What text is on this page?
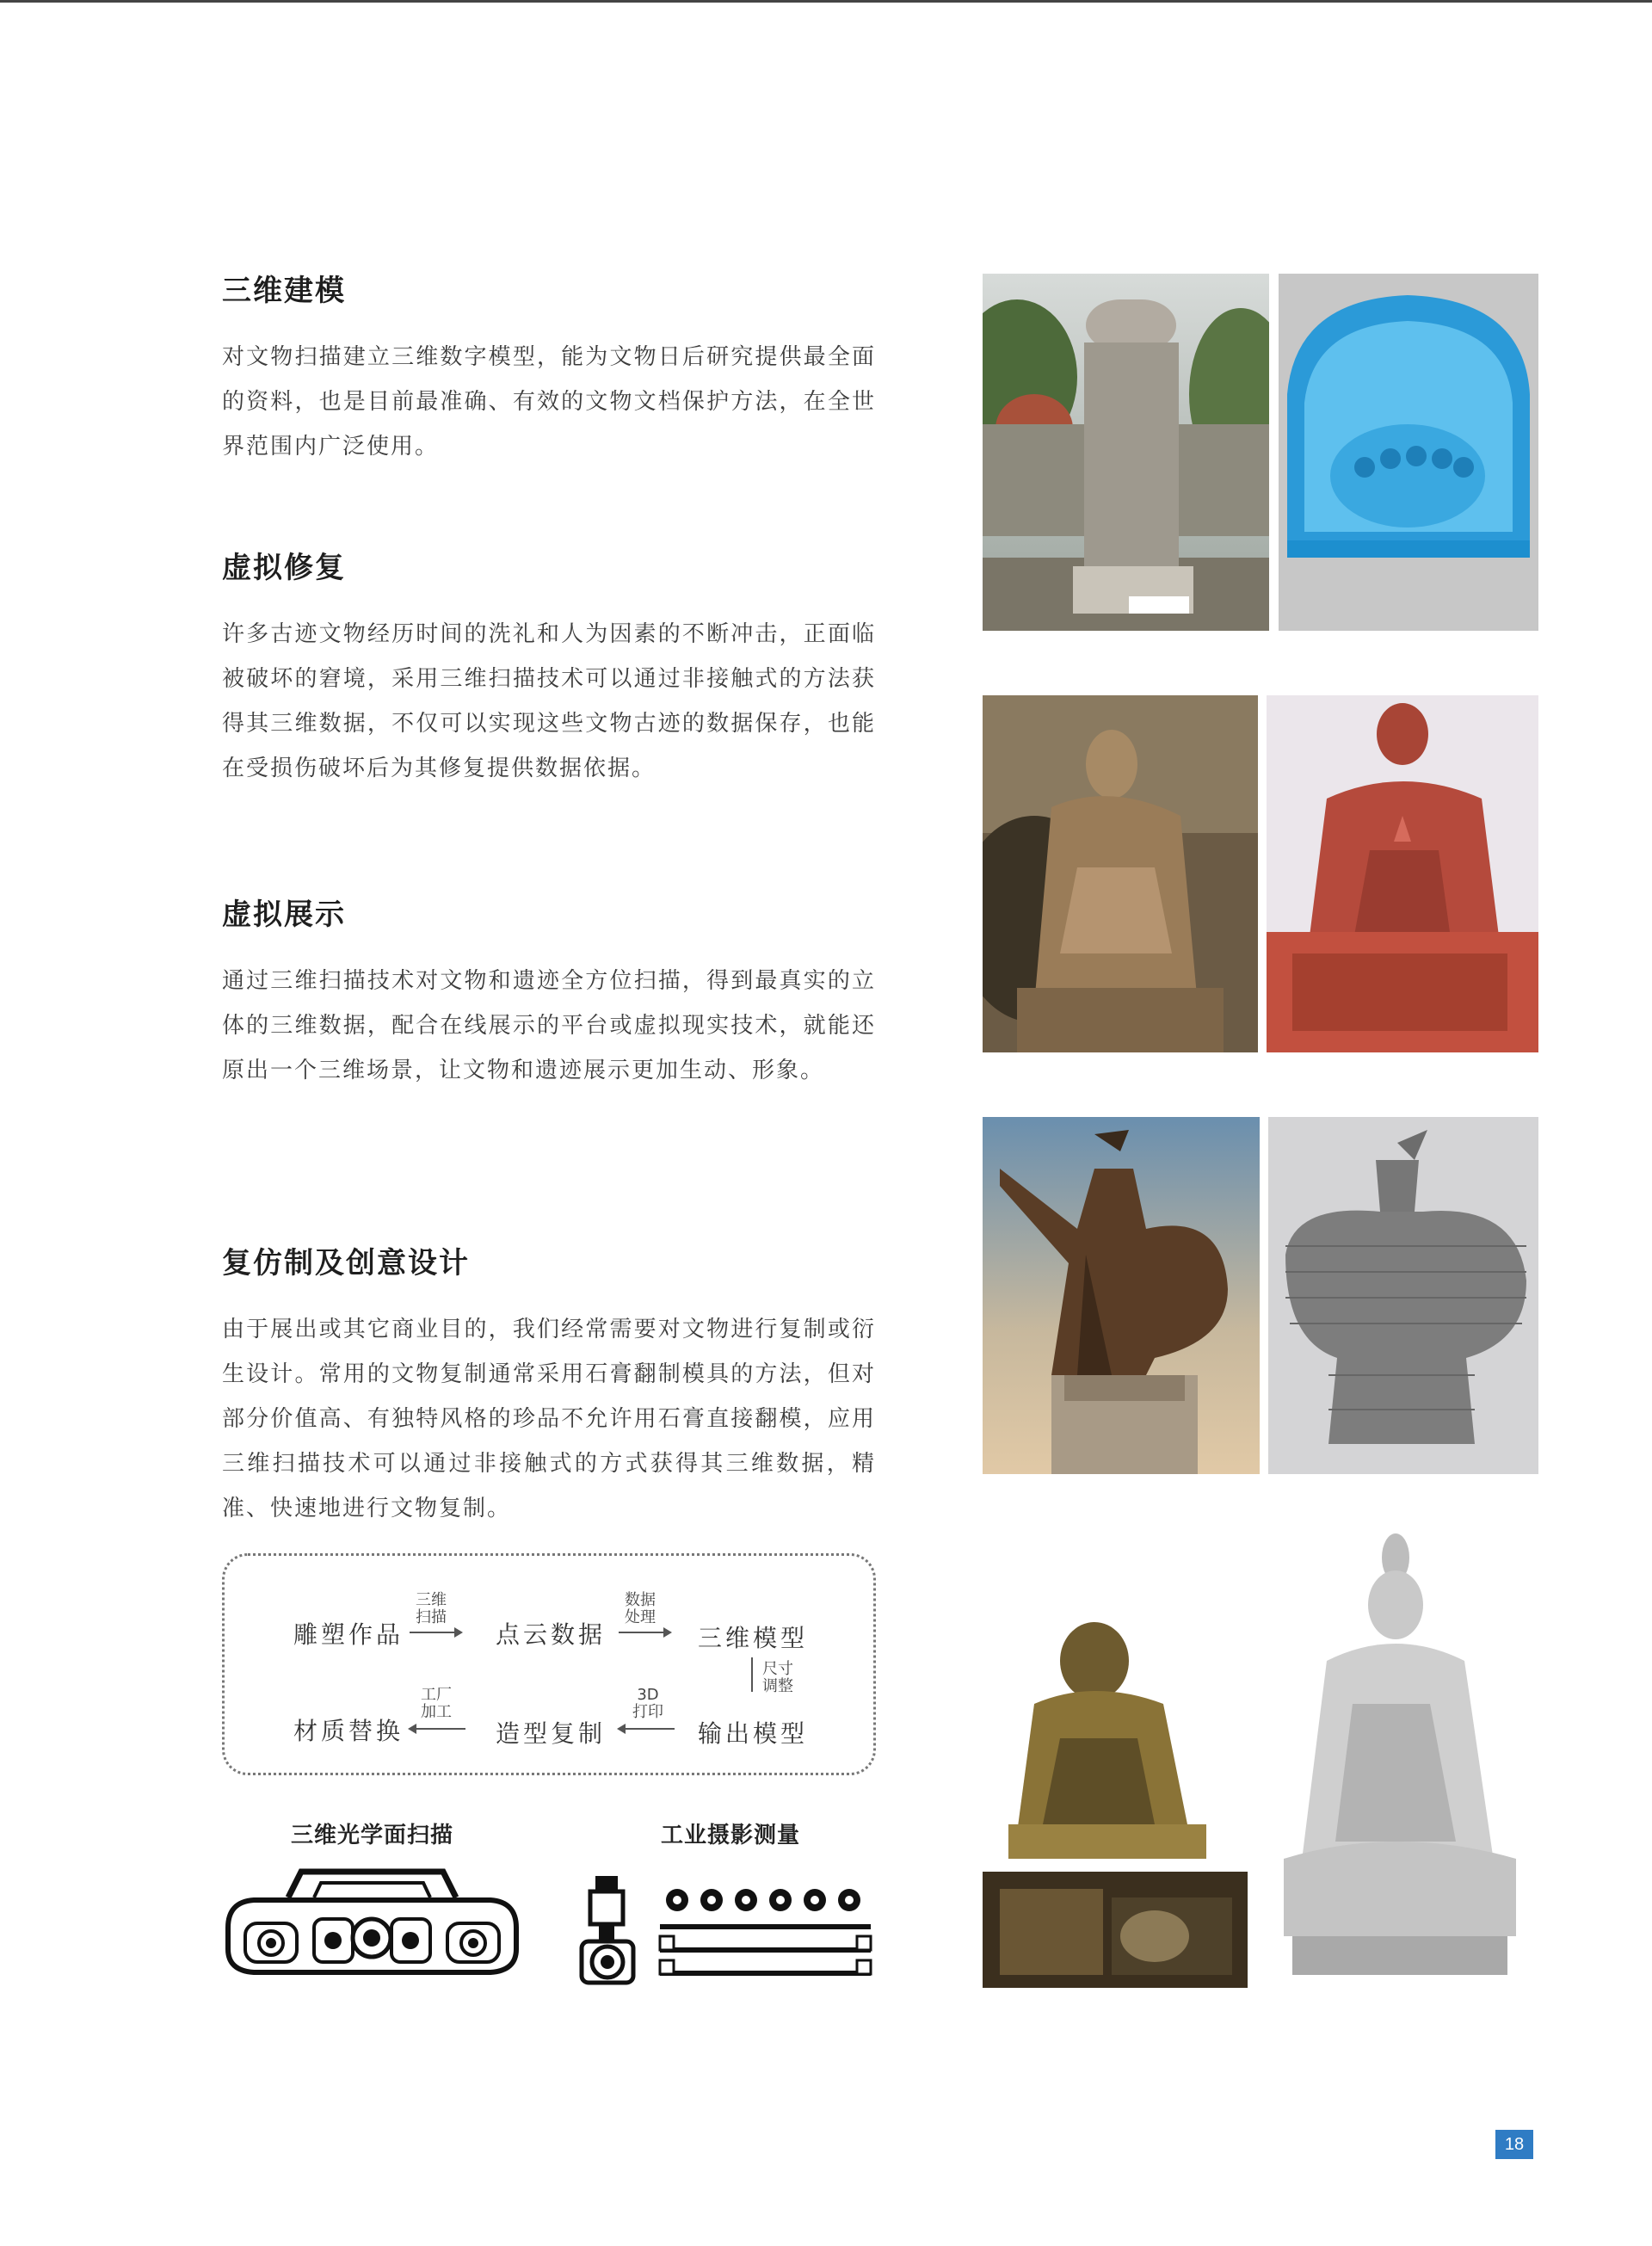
三维建模

对文物扫描建立三维数字模型，能为文物日后研究提供最全面的资料，也是目前最准确、有效的文物文档保护方法，在全世界范围内广泛使用。

虚拟修复

许多古迹文物经历时间的洗礼和人为因素的不断冲击，正面临被破坏的窘境，采用三维扫描技术可以通过非接触式的方法获得其三维数据，不仅可以实现这些文物古迹的数据保存，也能在受损伤破坏后为其修复提供数据依据。

虚拟展示

通过三维扫描技术对文物和遗迹全方位扫描，得到最真实的立体的三维数据，配合在线展示的平台或虚拟现实技术，就能还原出一个三维场景，让文物和遗迹展示更加生动、形象。

复仿制及创意设计

由于展出或其它商业目的，我们经常需要对文物进行复制或衍生设计。常用的文物复制通常采用石膏翻制模具的方法，但对部分价值高、有独特风格的珍品不允许用石膏直接翻模，应用三维扫描技术可以通过非接触式的方式获得其三维数据，精准、快速地进行文物复制。

雕塑作品
三维
扫描
点云数据
数据
处理
三维模型
尺寸
调整
材质替换
工厂
加工
造型复制
3D
打印
输出模型
三维光学面扫描	工业摄影测量
18
